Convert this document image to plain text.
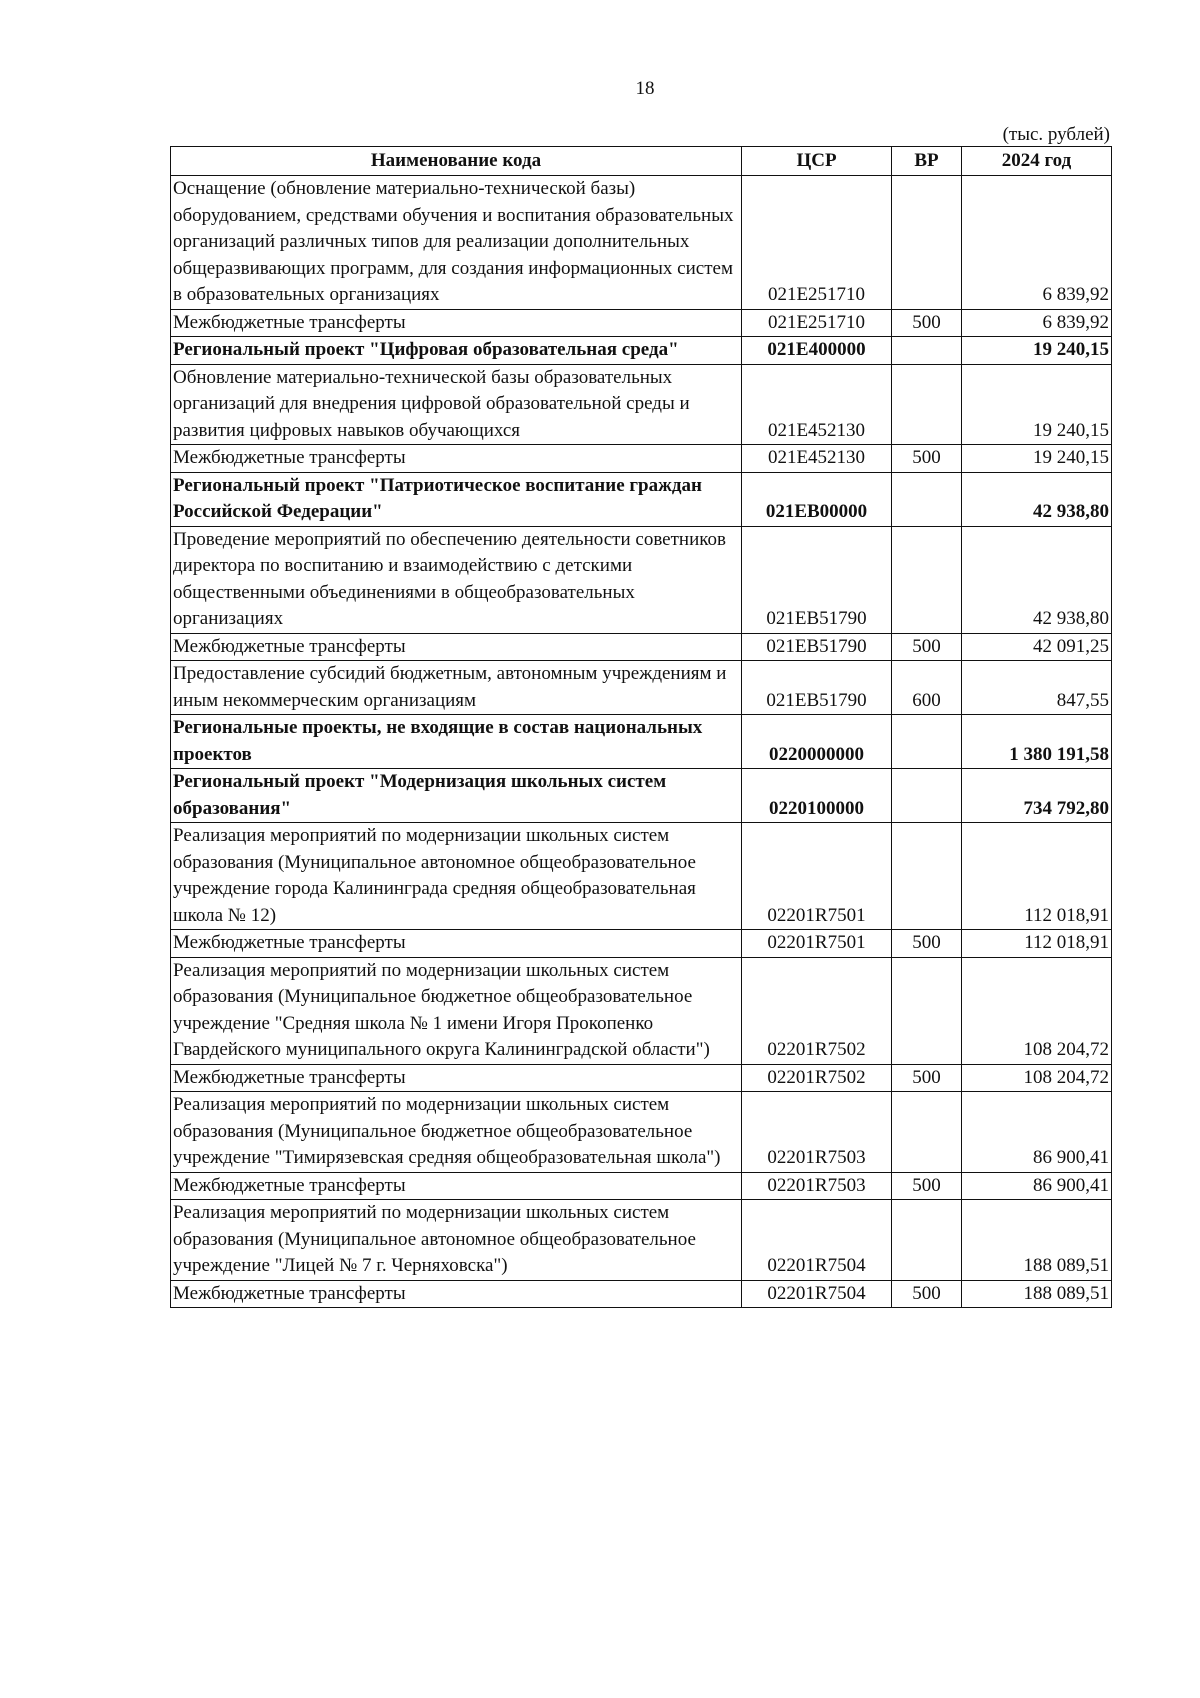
18
(тыс. рублей)
Наименование кода	ЦСР	ВР	2024 год
Оснащение (обновление материально-технической базы) оборудованием, средствами обучения и воспитания образовательных организаций различных типов для реализации дополнительных общеразвивающих программ, для создания информационных систем в образовательных организациях	021E251710		6 839,92
Межбюджетные трансферты	021E251710	500	6 839,92
Региональный проект "Цифровая образовательная среда"	021E400000		19 240,15
Обновление материально-технической базы образовательных организаций для внедрения цифровой образовательной среды и развития цифровых навыков обучающихся	021E452130		19 240,15
Межбюджетные трансферты	021E452130	500	19 240,15
Региональный проект "Патриотическое воспитание граждан Российской Федерации"	021EB00000		42 938,80
Проведение мероприятий по обеспечению деятельности советников директора по воспитанию и взаимодействию с детскими общественными объединениями в общеобразовательных организациях	021EB51790		42 938,80
Межбюджетные трансферты	021EB51790	500	42 091,25
Предоставление субсидий бюджетным, автономным учреждениям и иным некоммерческим организациям	021EB51790	600	847,55
Региональные проекты, не входящие в состав национальных проектов	0220000000		1 380 191,58
Региональный проект "Модернизация школьных систем образования"	0220100000		734 792,80
Реализация мероприятий по модернизации школьных систем образования (Муниципальное автономное общеобразовательное учреждение города Калининграда средняя общеобразовательная школа № 12)	02201R7501		112 018,91
Межбюджетные трансферты	02201R7501	500	112 018,91
Реализация мероприятий по модернизации школьных систем образования (Муниципальное бюджетное общеобразовательное учреждение "Средняя школа № 1 имени Игоря Прокопенко Гвардейского муниципального округа Калининградской области")	02201R7502		108 204,72
Межбюджетные трансферты	02201R7502	500	108 204,72
Реализация мероприятий по модернизации школьных систем образования (Муниципальное бюджетное общеобразовательное учреждение "Тимирязевская средняя общеобразовательная школа")	02201R7503		86 900,41
Межбюджетные трансферты	02201R7503	500	86 900,41
Реализация мероприятий по модернизации школьных систем образования (Муниципальное автономное общеобразовательное учреждение "Лицей № 7 г. Черняховска")	02201R7504		188 089,51
Межбюджетные трансферты	02201R7504	500	188 089,51
